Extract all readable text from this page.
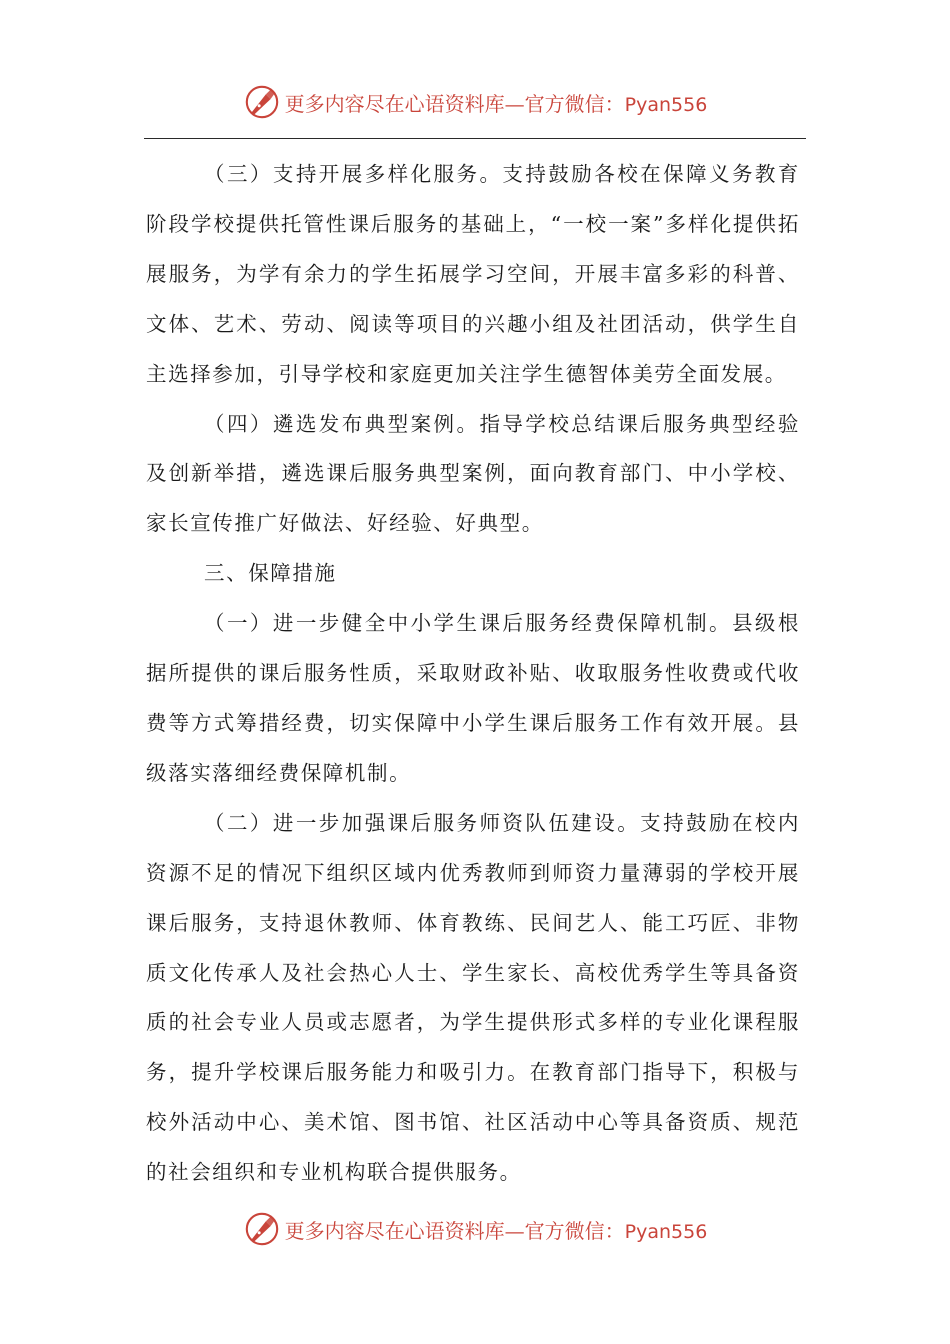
更多内容尽在心语资料库—官方微信：Pyan556

（三）支持开展多样化服务。支持鼓励各校在保障义务教育阶段学校提供托管性课后服务的基础上，“一校一案”多样化提供拓展服务，为学有余力的学生拓展学习空间，开展丰富多彩的科普、文体、艺术、劳动、阅读等项目的兴趣小组及社团活动，供学生自主选择参加，引导学校和家庭更加关注学生德智体美劳全面发展。

（四）遴选发布典型案例。指导学校总结课后服务典型经验及创新举措，遴选课后服务典型案例，面向教育部门、中小学校、家长宣传推广好做法、好经验、好典型。

三、保障措施

（一）进一步健全中小学生课后服务经费保障机制。县级根据所提供的课后服务性质，采取财政补贴、收取服务性收费或代收费等方式筹措经费，切实保障中小学生课后服务工作有效开展。县级落实落细经费保障机制。

（二）进一步加强课后服务师资队伍建设。支持鼓励在校内资源不足的情况下组织区域内优秀教师到师资力量薄弱的学校开展课后服务，支持退休教师、体育教练、民间艺人、能工巧匠、非物质文化传承人及社会热心人士、学生家长、高校优秀学生等具备资质的社会专业人员或志愿者，为学生提供形式多样的专业化课程服务，提升学校课后服务能力和吸引力。在教育部门指导下，积极与校外活动中心、美术馆、图书馆、社区活动中心等具备资质、规范的社会组织和专业机构联合提供服务。

更多内容尽在心语资料库—官方微信：Pyan556
